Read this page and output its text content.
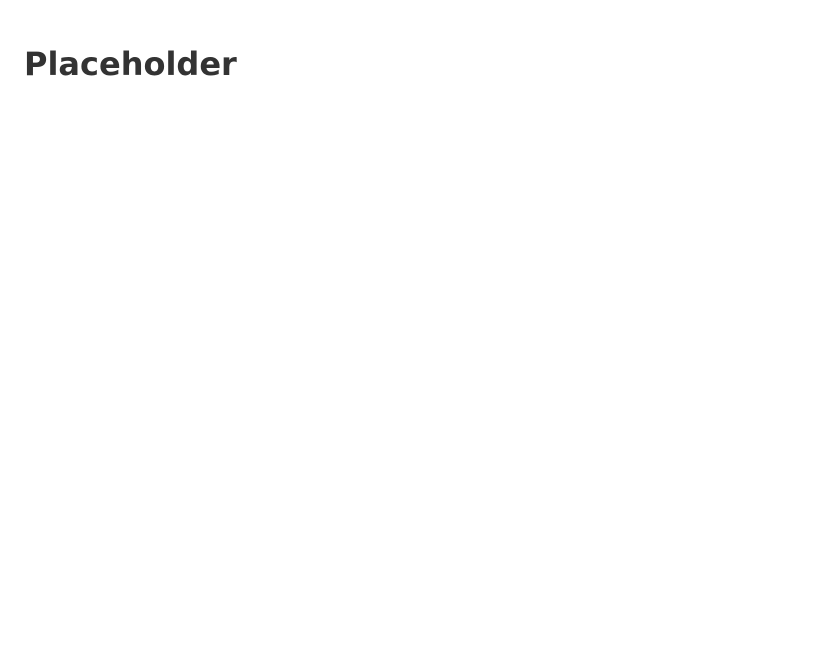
Placeholder
